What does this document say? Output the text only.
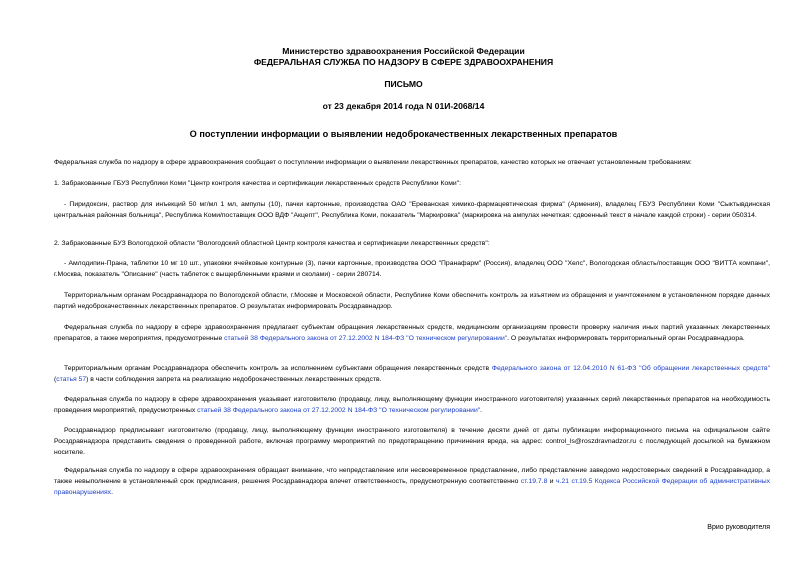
Министерство здравоохранения Российской Федерации
ФЕДЕРАЛЬНАЯ СЛУЖБА ПО НАДЗОРУ В СФЕРЕ ЗДРАВООХРАНЕНИЯ
ПИСЬМО
от 23 декабря 2014 года N 01И-2068/14
О поступлении информации о выявлении недоброкачественных лекарственных препаратов
Федеральная служба по надзору в сфере здравоохранения сообщает о поступлении информации о выявлении лекарственных препаратов, качество которых не отвечает установленным требованиям:
1. Забракованные ГБУЗ Республики Коми "Центр контроля качества и сертификации лекарственных средств Республики Коми":
- Пиридоксин, раствор для инъекций 50 мг/мл 1 мл, ампулы (10), пачки картонные, производства ОАО "Ереванская химико-фармацевтическая фирма" (Армения), владелец ГБУЗ Республики Коми "Сыктывдинская центральная районная больница", Республика Коми/поставщик ООО ВДФ "Акцепт", Республика Коми, показатель "Маркировка" (маркировка на ампулах нечеткая: сдвоенный текст в начале каждой строки) - серии 050314.
2. Забракованные БУЗ Вологодской области "Вологодский областной Центр контроля качества и сертификации лекарственных средств":
- Амлодипин-Прана, таблетки 10 мг 10 шт., упаковки ячейковые контурные (3), пачки картонные, производства ООО "Пранафарм" (Россия), владелец ООО "Хелс", Вологодская область/поставщик ООО "ВИТТА компани", г.Москва, показатель "Описание" (часть таблеток с выщербленными краями и сколами) - серии 280714.
Территориальным органам Росздравнадзора по Вологодской области, г.Москве и Московской области, Республике Коми обеспечить контроль за изъятием из обращения и уничтожением в установленном порядке данных партий недоброкачественных лекарственных препаратов. О результатах информировать Росздравнадзор.
Федеральная служба по надзору в сфере здравоохранения предлагает субъектам обращения лекарственных средств, медицинским организациям провести проверку наличия иных партий указанных лекарственных препаратов, а также мероприятия, предусмотренные статьей 38 Федерального закона от 27.12.2002 N 184-ФЗ "О техническом регулировании". О результатах информировать территориальный орган Росздравнадзора.
Территориальным органам Росздравнадзора обеспечить контроль за исполнением субъектами обращения лекарственных средств Федерального закона от 12.04.2010 N 61-ФЗ "Об обращении лекарственных средств" (статья 57) в части соблюдения запрета на реализацию недоброкачественных лекарственных средств.
Федеральная служба по надзору в сфере здравоохранения указывает изготовителю (продавцу, лицу, выполняющему функции иностранного изготовителя) указанных серий лекарственных препаратов на необходимость проведения мероприятий, предусмотренных статьей 38 Федерального закона от 27.12.2002 N 184-ФЗ "О техническом регулировании".
Росздравнадзор предписывает изготовителю (продавцу, лицу, выполняющему функции иностранного изготовителя) в течение десяти дней от даты публикации информационного письма на официальном сайте Росздравнадзора представить сведения о проведенной работе, включая программу мероприятий по предотвращению причинения вреда, на адрес: control_ls@roszdravnadzor.ru с последующей досылкой на бумажном носителе.
Федеральная служба по надзору в сфере здравоохранения обращает внимание, что непредставление или несвоевременное представление, либо представление заведомо недостоверных сведений в Росздравнадзор, а также невыполнение в установленный срок предписания, решения Росздравнадзора влечет ответственность, предусмотренную соответственно ст.19.7.8 и ч.21 ст.19.5 Кодекса Российской Федерации об административных правонарушениях.
Врио руководителя
